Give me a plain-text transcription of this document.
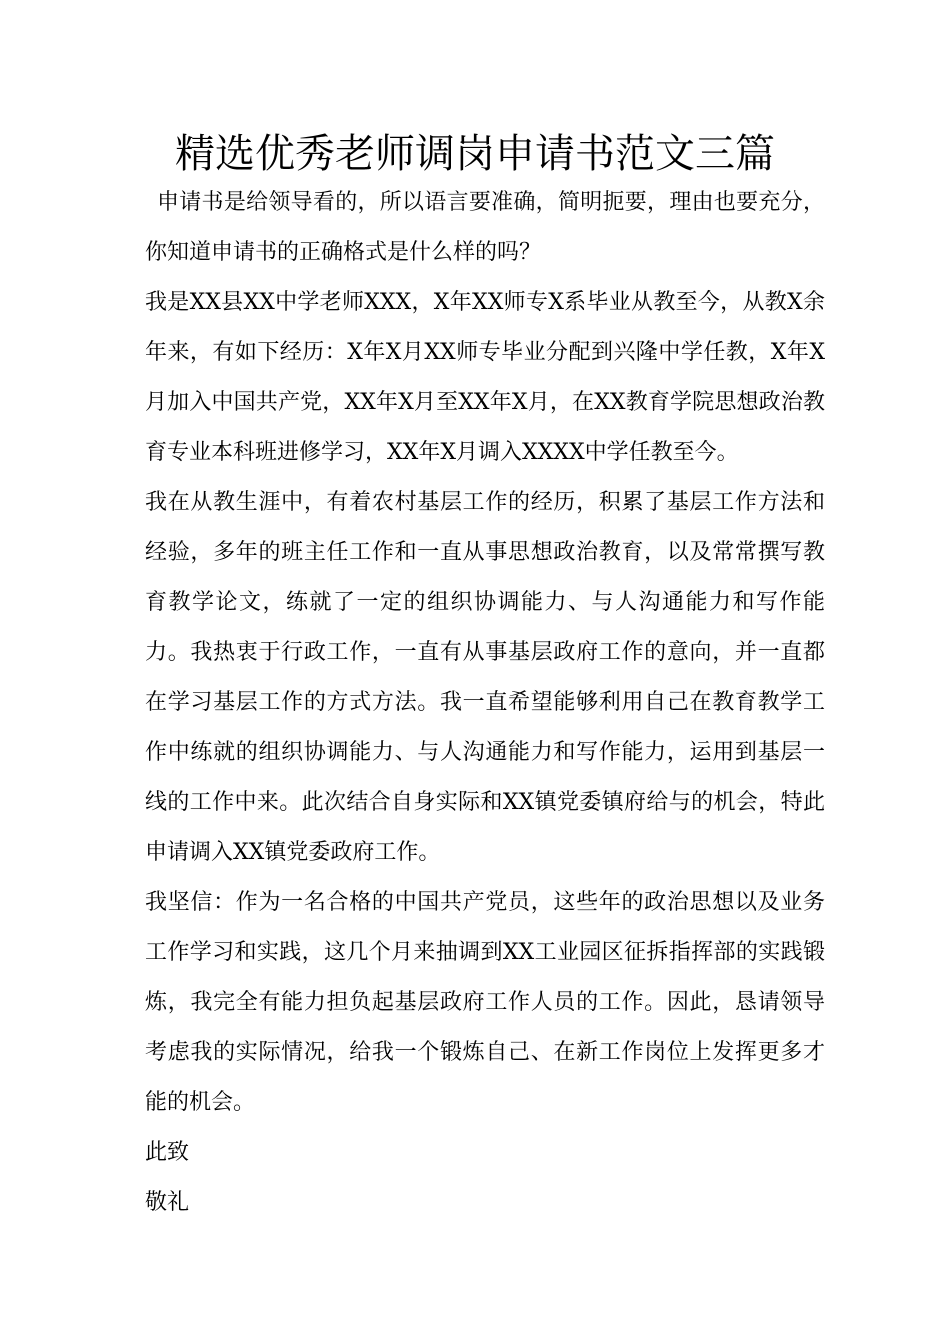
精选优秀老师调岗申请书范文三篇

申请书是给领导看的，所以语言要准确，简明扼要，理由也要充分，你知道申请书的正确格式是什么样的吗？

我是XX县XX中学老师XXX，X年XX师专X系毕业从教至今，从教X余年来，有如下经历：X年X月XX师专毕业分配到兴隆中学任教，X年X月加入中国共产党，XX年X月至XX年X月，在XX教育学院思想政治教育专业本科班进修学习，XX年X月调入XXXX中学任教至今。

我在从教生涯中，有着农村基层工作的经历，积累了基层工作方法和经验，多年的班主任工作和一直从事思想政治教育，以及常常撰写教育教学论文，练就了一定的组织协调能力、与人沟通能力和写作能力。我热衷于行政工作，一直有从事基层政府工作的意向，并一直都在学习基层工作的方式方法。我一直希望能够利用自己在教育教学工作中练就的组织协调能力、与人沟通能力和写作能力，运用到基层一线的工作中来。此次结合自身实际和XX镇党委镇府给与的机会，特此申请调入XX镇党委政府工作。

我坚信：作为一名合格的中国共产党员，这些年的政治思想以及业务工作学习和实践，这几个月来抽调到XX工业园区征拆指挥部的实践锻炼，我完全有能力担负起基层政府工作人员的工作。因此，恳请领导考虑我的实际情况，给我一个锻炼自己、在新工作岗位上发挥更多才能的机会。

此致

敬礼
